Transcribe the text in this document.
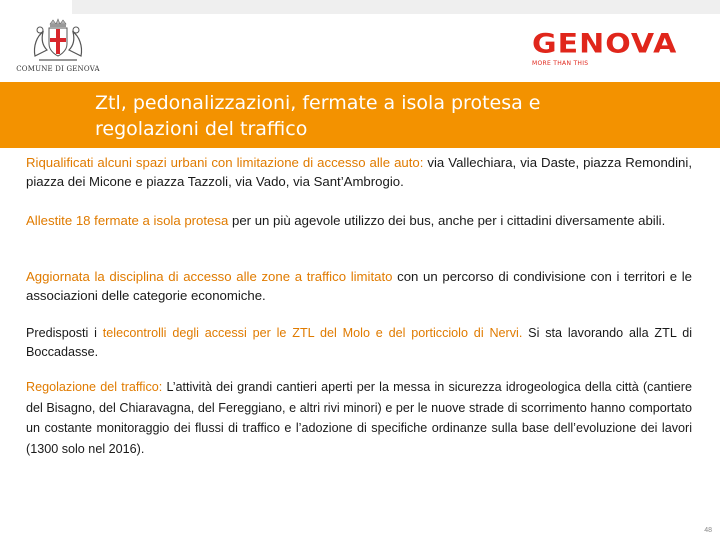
COMUNE DI GENOVA
GENOVA
MORE THAN THIS
Ztl, pedonalizzazioni, fermate a isola protesa e
regolazioni del traffico

Riqualificati alcuni spazi urbani con limitazione di accesso alle auto: via Vallechiara, via Daste, piazza Remondini, piazza dei Micone e piazza Tazzoli, via Vado, via Sant’Ambrogio.

Allestite 18 fermate a isola protesa per un più agevole utilizzo dei bus, anche per i cittadini diversamente abili.

Aggiornata la disciplina di accesso alle zone a traffico limitato con un percorso di condivisione con i territori e le associazioni delle categorie economiche.

Predisposti i telecontrolli degli accessi per le ZTL del Molo e del porticciolo di Nervi. Si sta lavorando alla ZTL di Boccadasse.

Regolazione del traffico: L’attività dei grandi cantieri aperti per la messa in sicurezza idrogeologica della città (cantiere del Bisagno, del Chiaravagna, del Fereggiano, e altri rivi minori) e per le nuove strade di scorrimento hanno comportato un costante monitoraggio dei flussi di traffico e l’adozione di specifiche ordinanze sulla base dell’evoluzione dei lavori (1300 solo nel 2016).

48
